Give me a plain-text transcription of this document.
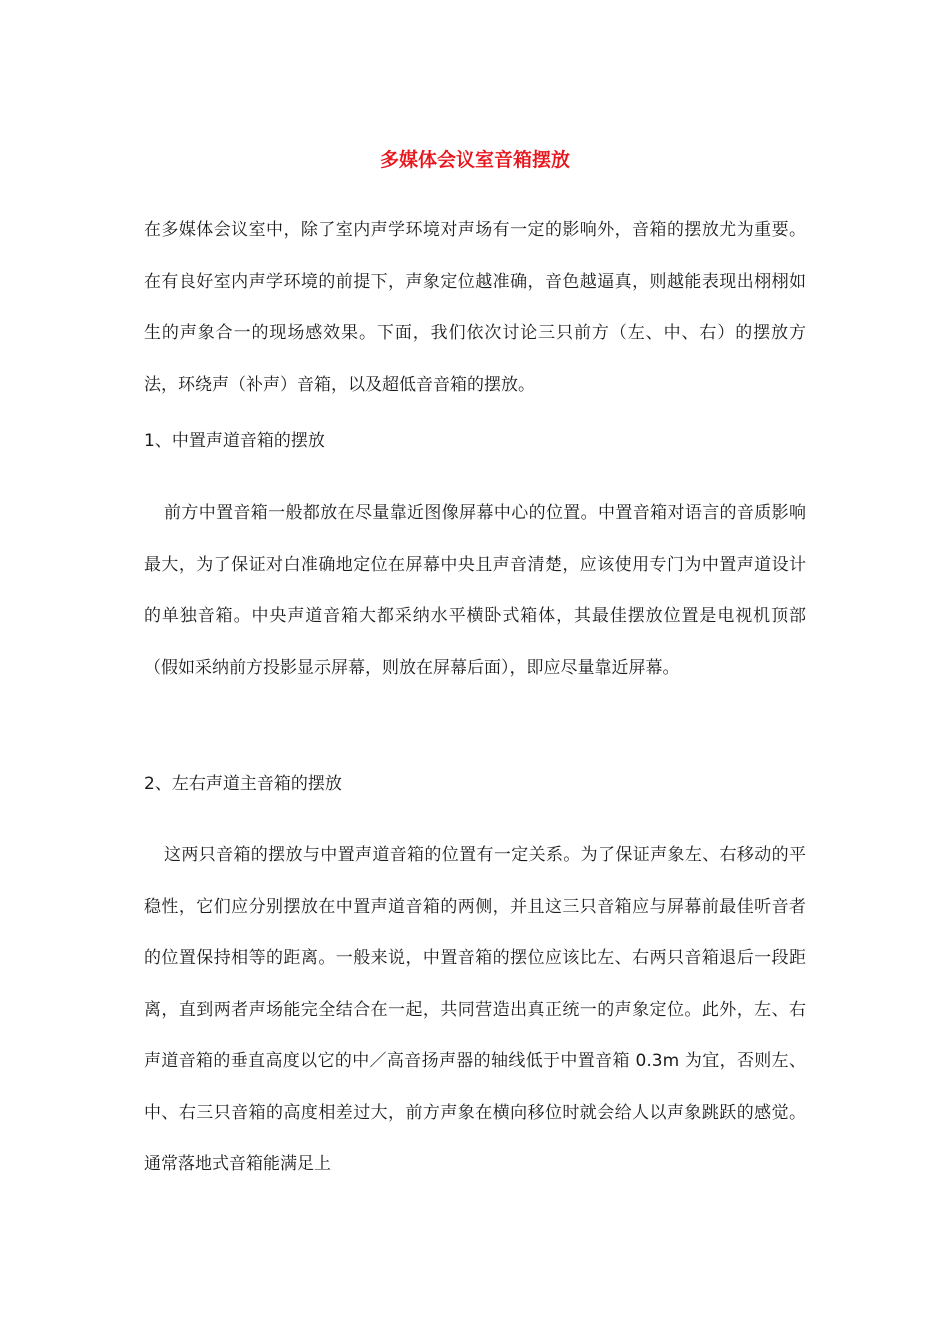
多媒体会议室音箱摆放

在多媒体会议室中，除了室内声学环境对声场有一定的影响外，音箱的摆放尤为重要。在有良好室内声学环境的前提下，声象定位越准确，音色越逼真，则越能表现出栩栩如生的声象合一的现场感效果。下面，我们依次讨论三只前方（左、中、右）的摆放方法，环绕声（补声）音箱，以及超低音音箱的摆放。

1、中置声道音箱的摆放

前方中置音箱一般都放在尽量靠近图像屏幕中心的位置。中置音箱对语言的音质影响最大，为了保证对白准确地定位在屏幕中央且声音清楚，应该使用专门为中置声道设计的单独音箱。中央声道音箱大都采纳水平横卧式箱体，其最佳摆放位置是电视机顶部（假如采纳前方投影显示屏幕，则放在屏幕后面），即应尽量靠近屏幕。

2、左右声道主音箱的摆放

这两只音箱的摆放与中置声道音箱的位置有一定关系。为了保证声象左、右移动的平稳性，它们应分别摆放在中置声道音箱的两侧，并且这三只音箱应与屏幕前最佳听音者的位置保持相等的距离。一般来说，中置音箱的摆位应该比左、右两只音箱退后一段距离，直到两者声场能完全结合在一起，共同营造出真正统一的声象定位。此外，左、右声道音箱的垂直高度以它的中／高音扬声器的轴线低于中置音箱 0.3m 为宜，否则左、中、右三只音箱的高度相差过大，前方声象在横向移位时就会给人以声象跳跃的感觉。通常落地式音箱能满足上
